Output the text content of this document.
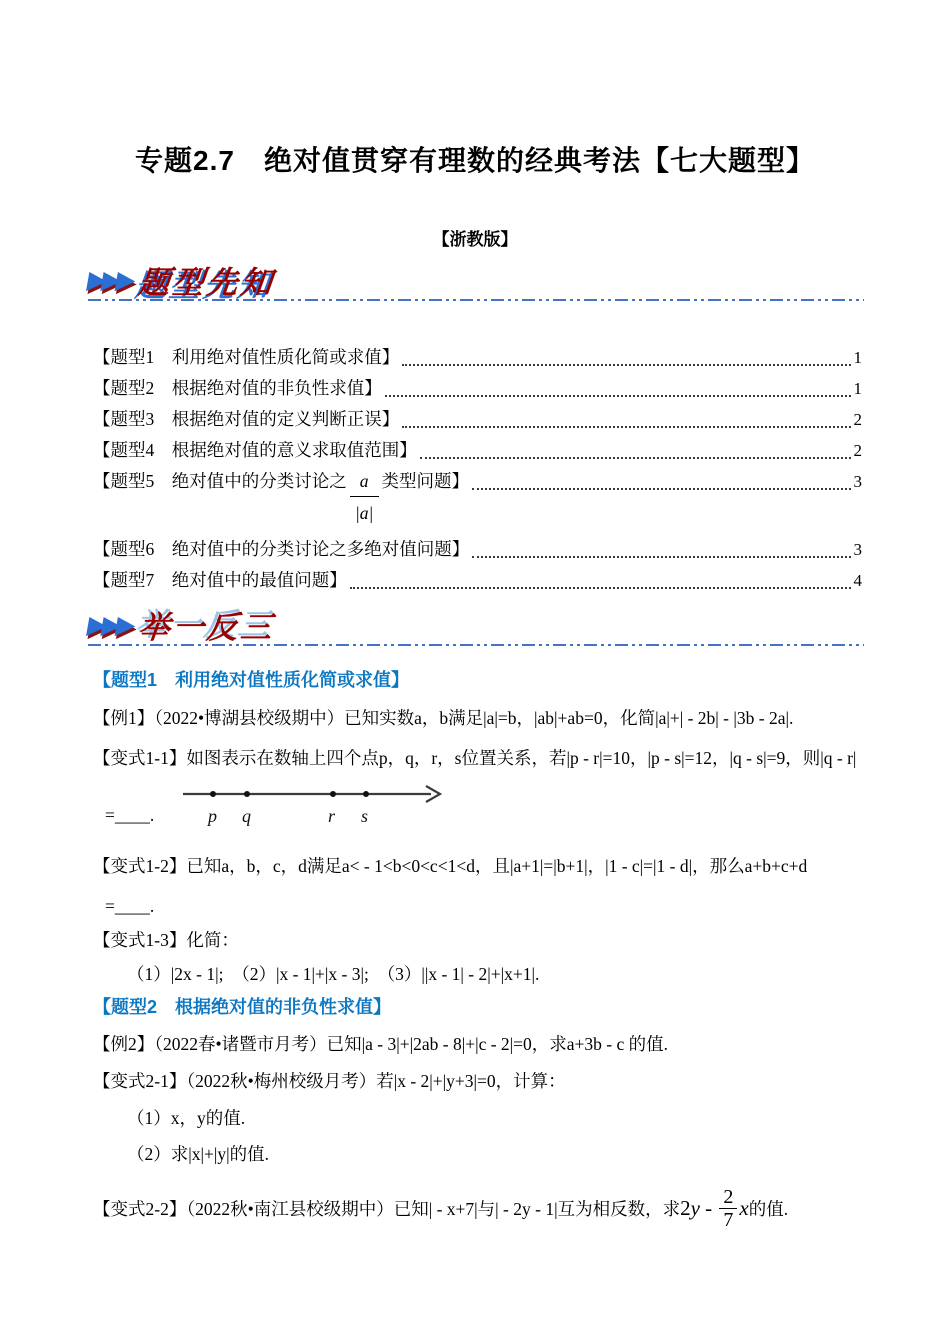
专题2.7　绝对值贯穿有理数的经典考法【七大题型】
【浙教版】
▶▶▶ 题型先知
【题型1　利用绝对值性质化简或求值】	1
【题型2　根据绝对值的非负性求值】	1
【题型3　根据绝对值的定义判断正误】	2
【题型4　根据绝对值的意义求取值范围】	2
【题型5　绝对值中的分类讨论之 $\frac{a}{|a|}$ 类型问题】	3
【题型6　绝对值中的分类讨论之多绝对值问题】	3
【题型7　绝对值中的最值问题】	4
▶▶▶ 举一反三
【题型1　利用绝对值性质化简或求值】

【例1】（2022•博湖县校级期中）已知实数a，b满足|a|=b，|ab|+ab=0，化简|a|+| - 2b| - |3b - 2a|.

【变式1-1】如图表示在数轴上四个点p，q，r，s位置关系，若|p - r|=10，|p - s|=12，|q - s|=9，则|q - r|

=____.	p q	r s

【变式1-2】已知a，b，c，d满足a< - 1<b<0<c<1<d，且|a+1|=|b+1|，|1 - c|=|1 - d|，那么a+b+c+d

=____.

【变式1-3】化简：

（1）|2x - 1|;　（2）|x - 1|+|x - 3|;　（3）||x - 1| - 2|+|x+1|.

【题型2　根据绝对值的非负性求值】

【例2】（2022春•诸暨市月考）已知|a - 3|+|2ab - 8|+|c - 2|=0，求a+3b - c 的值.

【变式2-1】（2022秋•梅州校级月考）若|x - 2|+|y+3|=0，计算：

（1）x，y的值.

（2）求|x|+|y|的值.

【变式2-2】（2022秋•南江县校级期中）已知| - x+7|与| - 2y - 1|互为相反数，求$2y - \frac{2}{7}$ x的值.
